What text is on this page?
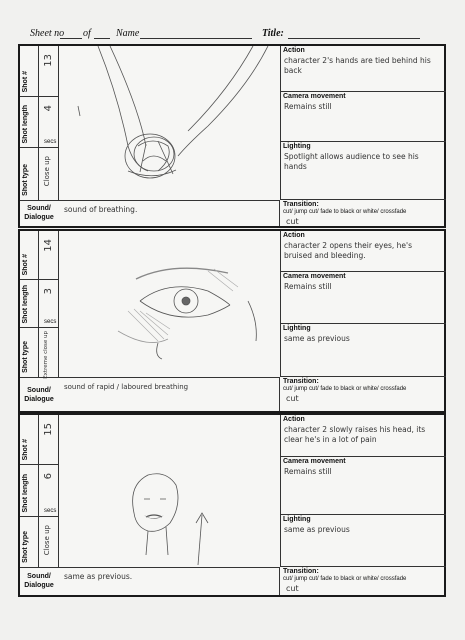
Sheet no of	Name	Title:
Shot #
Shot length
Shot type
13
4
secs
Close up
Action
character 2's hands are tied behind his back
Camera movement
Remains still
Lighting
Spotlight allows audience to see his hands
Sound/ Dialogue
sound of breathing.
Transition:
cut/ jump cut/ fade to black or white/ crossfade
cut
Shot #
Shot length
Shot type
14
3
secs
Extreme close up
Action
character 2 opens their eyes, he's bruised and bleeding.
Camera movement
Remains still
Lighting
same as previous
Sound/ Dialogue
sound of rapid / laboured breathing
Transition:
cut/ jump cut/ fade to black or white/ crossfade
cut
Shot #
Shot length
Shot type
15
6
secs
Close up
Action
character 2 slowly raises his head, its clear he's in a lot of pain
Camera movement
Remains still
Lighting
same as previous
Sound/ Dialogue
same as previous.
Transition:
cut/ jump cut/ fade to black or white/ crossfade
cut
